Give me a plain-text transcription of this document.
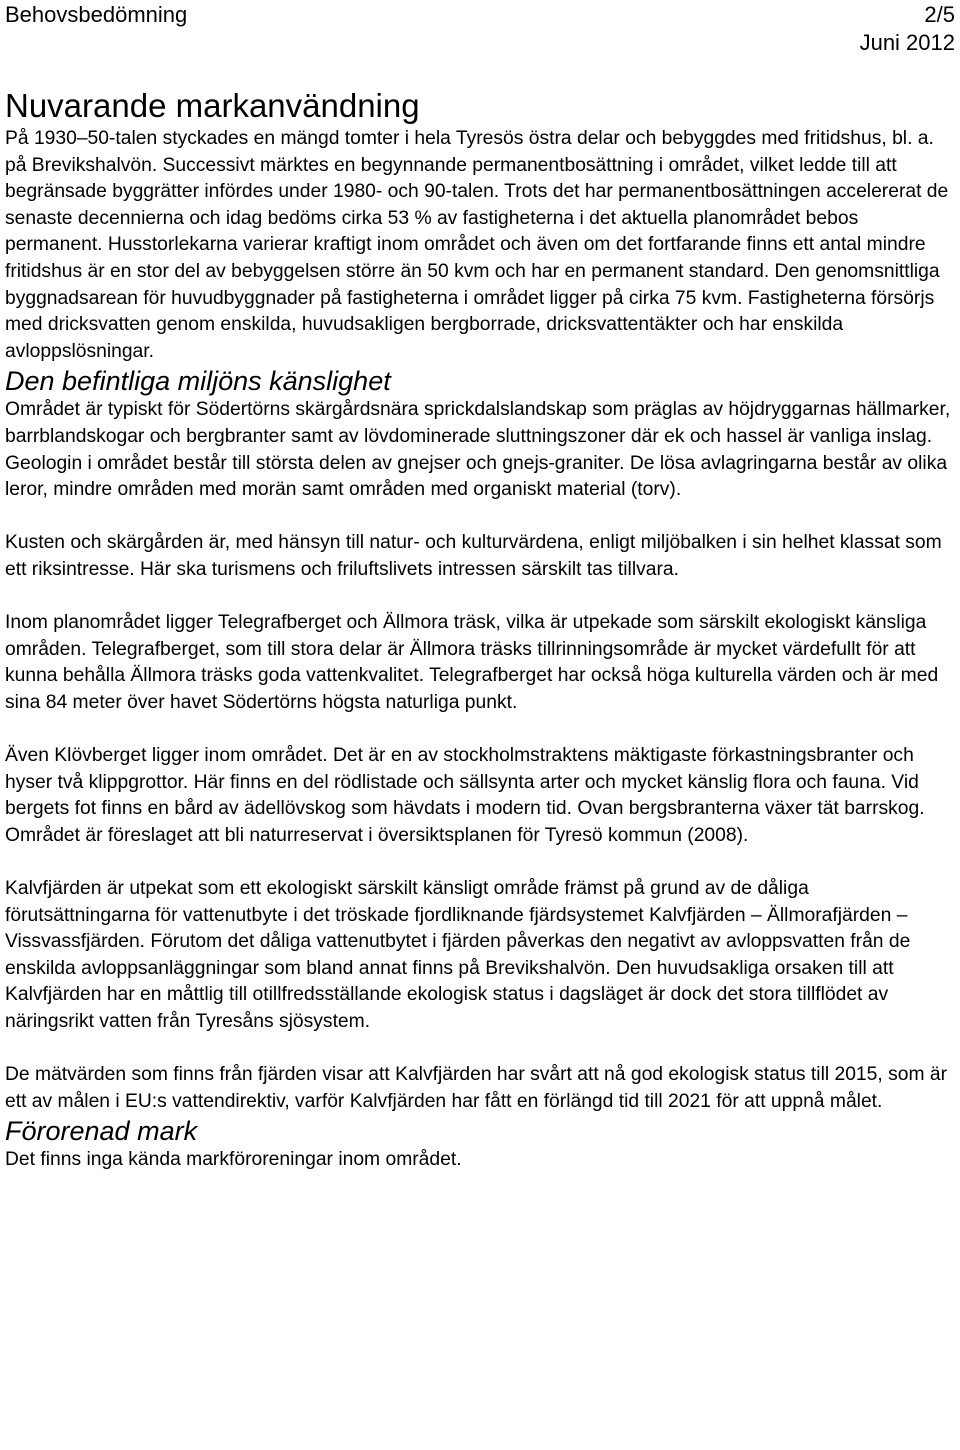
Behovsbedömning	2/5
Juni 2012
Nuvarande markanvändning

På 1930–50-talen styckades en mängd tomter i hela Tyresös östra delar och bebyggdes med fritidshus, bl. a. på Brevikshalvön. Successivt märktes en begynnande permanentbosättning i området, vilket ledde till att begränsade byggrätter infördes under 1980- och 90-talen. Trots det har permanentbosättningen accelererat de senaste decennierna och idag bedöms cirka 53 % av fastigheterna i det aktuella planområdet bebos permanent. Husstorlekarna varierar kraftigt inom området och även om det fortfarande finns ett antal mindre fritidshus är en stor del av bebyggelsen större än 50 kvm och har en permanent standard. Den genomsnittliga byggnadsarean för huvudbyggnader på fastigheterna i området ligger på cirka 75 kvm. Fastigheterna försörjs med dricksvatten genom enskilda, huvudsakligen bergborrade, dricksvattentäkter och har enskilda avloppslösningar.

Den befintliga miljöns känslighet

Området är typiskt för Södertörns skärgårdsnära sprickdalslandskap som präglas av höjdryggarnas hällmarker, barrblandskogar och bergbranter samt av lövdominerade sluttningszoner där ek och hassel är vanliga inslag. Geologin i området består till största delen av gnejser och gnejs-graniter. De lösa avlagringarna består av olika leror, mindre områden med morän samt områden med organiskt material (torv).

Kusten och skärgården är, med hänsyn till natur- och kulturvärdena, enligt miljöbalken i sin helhet klassat som ett riksintresse. Här ska turismens och friluftslivets intressen särskilt tas tillvara.

Inom planområdet ligger Telegrafberget och Ällmora träsk, vilka är utpekade som särskilt ekologiskt känsliga områden. Telegrafberget, som till stora delar är Ällmora träsks tillrinningsområde är mycket värdefullt för att kunna behålla Ällmora träsks goda vattenkvalitet. Telegrafberget har också höga kulturella värden och är med sina 84 meter över havet Södertörns högsta naturliga punkt.

Även Klövberget ligger inom området. Det är en av stockholmstraktens mäktigaste förkastningsbranter och hyser två klippgrottor. Här finns en del rödlistade och sällsynta arter och mycket känslig flora och fauna. Vid bergets fot finns en bård av ädellövskog som hävdats i modern tid. Ovan bergsbranterna växer tät barrskog. Området är föreslaget att bli naturreservat i översiktsplanen för Tyresö kommun (2008).

Kalvfjärden är utpekat som ett ekologiskt särskilt känsligt område främst på grund av de dåliga förutsättningarna för vattenutbyte i det tröskade fjordliknande fjärdsystemet Kalvfjärden – Ällmorafjärden – Vissvassfjärden. Förutom det dåliga vattenutbytet i fjärden påverkas den negativt av avloppsvatten från de enskilda avloppsanläggningar som bland annat finns på Brevikshalvön. Den huvudsakliga orsaken till att Kalvfjärden har en måttlig till otillfredsställande ekologisk status i dagsläget är dock det stora tillflödet av näringsrikt vatten från Tyresåns sjösystem.

De mätvärden som finns från fjärden visar att Kalvfjärden har svårt att nå god ekologisk status till 2015, som är ett av målen i EU:s vattendirektiv, varför Kalvfjärden har fått en förlängd tid till 2021 för att uppnå målet.

Förorenad mark

Det finns inga kända markföroreningar inom området.
